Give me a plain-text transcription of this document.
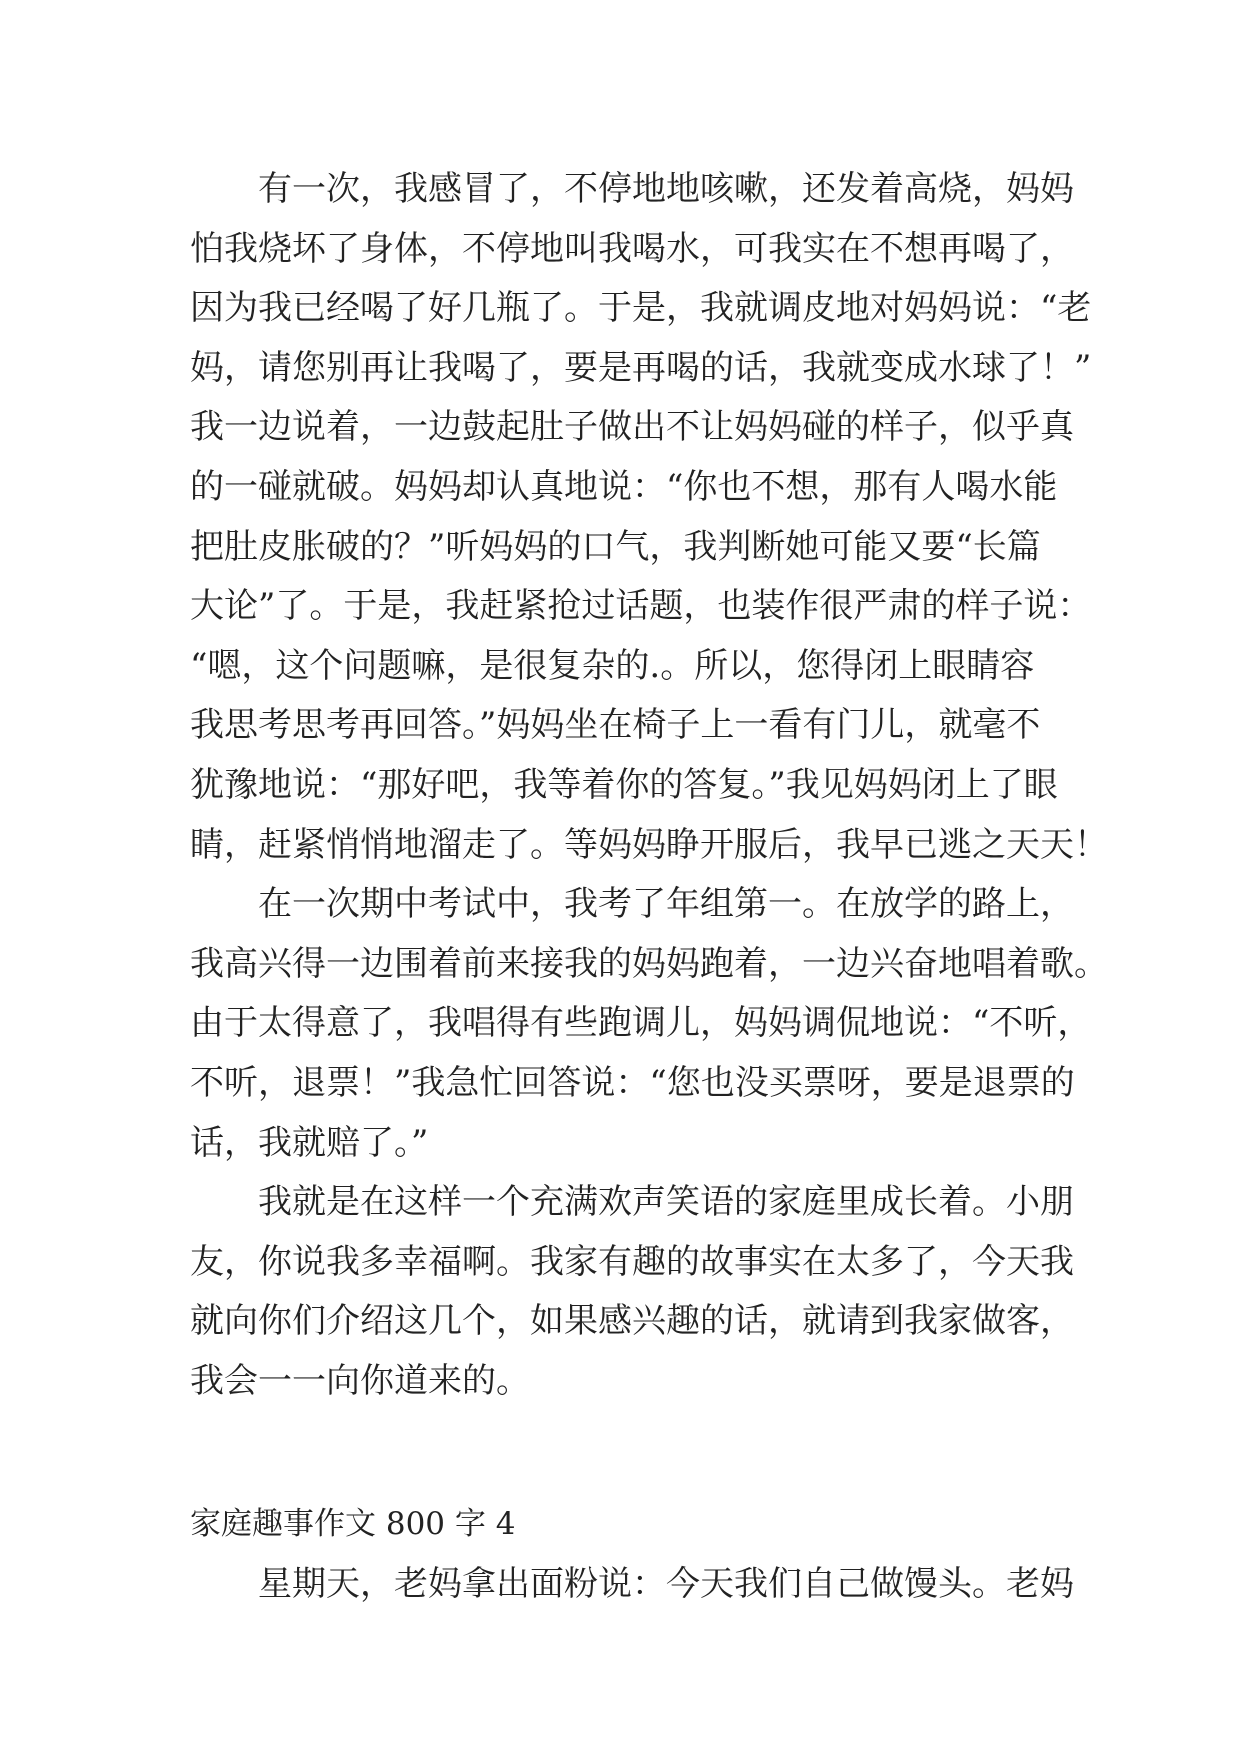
有一次，我感冒了，不停地地咳嗽，还发着高烧，妈妈
怕我烧坏了身体，不停地叫我喝水，可我实在不想再喝了，
因为我已经喝了好几瓶了。于是，我就调皮地对妈妈说：“老
妈，请您别再让我喝了，要是再喝的话，我就变成水球了！”
我一边说着，一边鼓起肚子做出不让妈妈碰的样子，似乎真
的一碰就破。妈妈却认真地说：“你也不想，那有人喝水能
把肚皮胀破的？”听妈妈的口气，我判断她可能又要“长篇
大论”了。于是，我赶紧抢过话题，也装作很严肃的样子说：
“嗯，这个问题嘛，是很复杂的.。所以，您得闭上眼睛容
我思考思考再回答。”妈妈坐在椅子上一看有门儿，就毫不
犹豫地说：“那好吧，我等着你的答复。”我见妈妈闭上了眼
睛，赶紧悄悄地溜走了。等妈妈睁开服后，我早已逃之天天！
在一次期中考试中，我考了年组第一。在放学的路上，
我高兴得一边围着前来接我的妈妈跑着，一边兴奋地唱着歌。
由于太得意了，我唱得有些跑调儿，妈妈调侃地说：“不听，
不听，退票！”我急忙回答说：“您也没买票呀，要是退票的
话，我就赔了。”
我就是在这样一个充满欢声笑语的家庭里成长着。小朋
友，你说我多幸福啊。我家有趣的故事实在太多了，今天我
就向你们介绍这几个，如果感兴趣的话，就请到我家做客，
我会一一向你道来的。
家庭趣事作文 800 字 4
星期天，老妈拿出面粉说：今天我们自己做馒头。老妈
